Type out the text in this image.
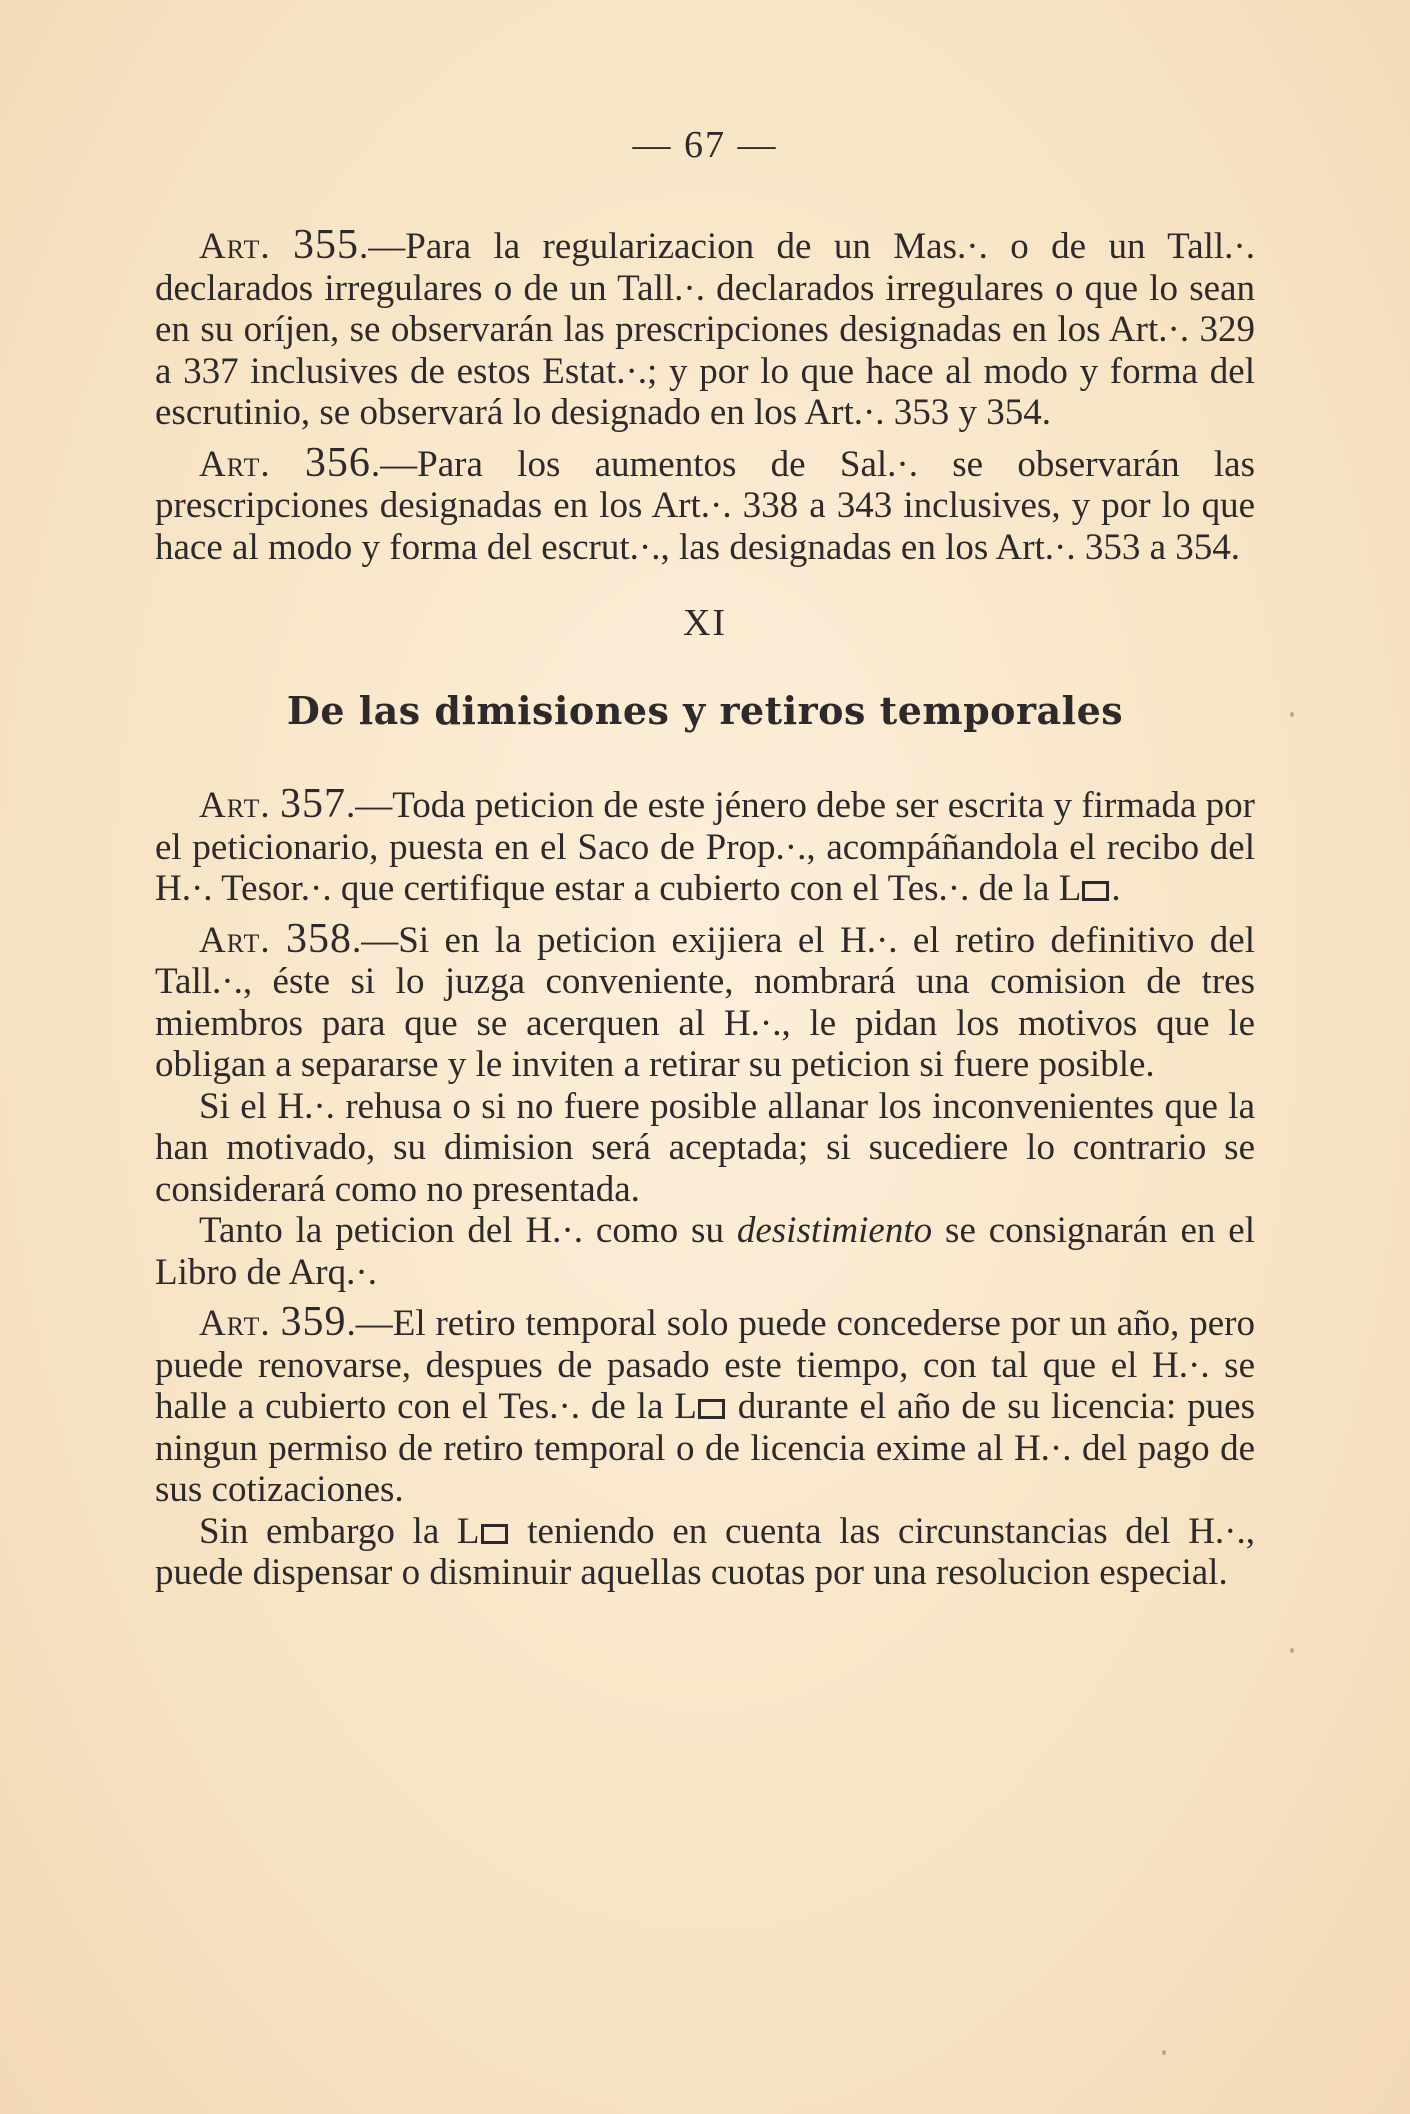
— 67 —

Art. 355.—Para la regularizacion de un Mas.·. o de un Tall.·. declarados irregulares o de un Tall.·. declarados irregulares o que lo sean en su oríjen, se observarán las prescripciones designadas en los Art.·. 329 a 337 inclusives de estos Estat.·.; y por lo que hace al modo y forma del escrutinio, se observará lo designado en los Art.·. 353 y 354.

Art. 356.—Para los aumentos de Sal.·. se observarán las prescripciones designadas en los Art.·. 338 a 343 inclusives, y por lo que hace al modo y forma del escrut.·., las designadas en los Art.·. 353 a 354.

XI
De las dimisiones y retiros temporales

Art. 357.—Toda peticion de este jénero debe ser escrita y firmada por el peticionario, puesta en el Saco de Prop.·., acompáñandola el recibo del H.·. Tesor.·. que certifique estar a cubierto con el Tes.·. de la L .

Art. 358.—Si en la peticion exijiera el H.·. el retiro definitivo del Tall.·., éste si lo juzga conveniente, nombrará una comision de tres miembros para que se acerquen al H.·., le pidan los motivos que le obligan a separarse y le inviten a retirar su peticion si fuere posible.

Si el H.·. rehusa o si no fuere posible allanar los inconvenientes que la han motivado, su dimision será aceptada; si sucediere lo contrario se considerará como no presentada.

Tanto la peticion del H.·. como su desistimiento se consignarán en el Libro de Arq.·.

Art. 359.—El retiro temporal solo puede concederse por un año, pero puede renovarse, despues de pasado este tiempo, con tal que el H.·. se halle a cubierto con el Tes.·. de la L durante el año de su licencia: pues ningun permiso de retiro temporal o de licencia exime al H.·. del pago de sus cotizaciones.

Sin embargo la L teniendo en cuenta las circunstancias del H.·., puede dispensar o disminuir aquellas cuotas por una resolucion especial.
